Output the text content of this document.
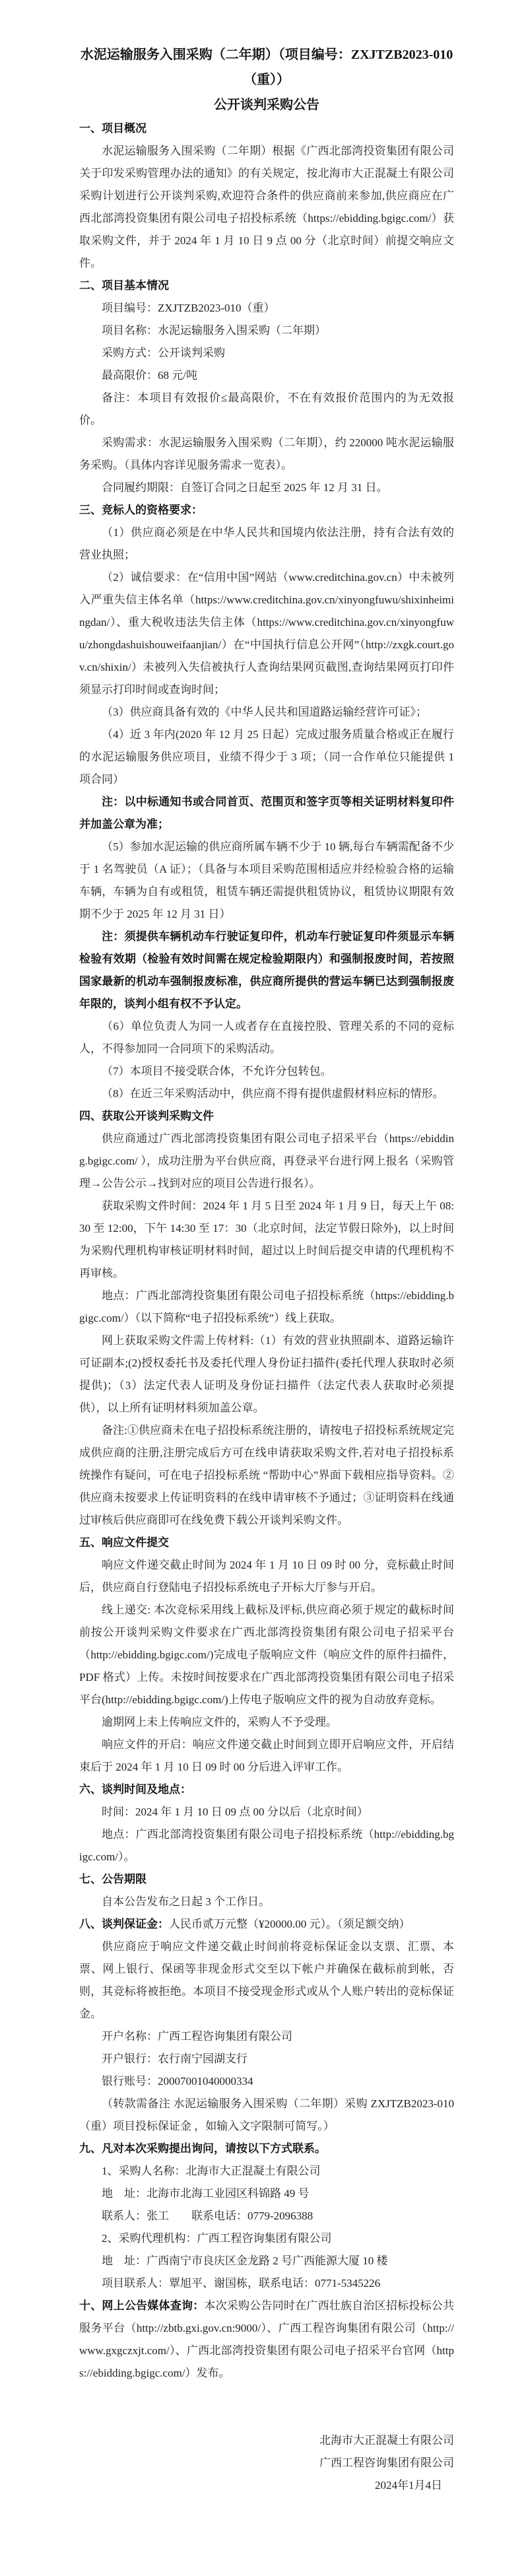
水泥运输服务入围采购（二年期）（项目编号：ZXJTZB2023-010（重））
公开谈判采购公告
一、项目概况
水泥运输服务入围采购（二年期）根据《广西北部湾投资集团有限公司关于印发采购管理办法的通知》的有关规定，按北海市大正混凝土有限公司采购计划进行公开谈判采购,欢迎符合条件的供应商前来参加,供应商应在广西北部湾投资集团有限公司电子招投标系统（https://ebidding.bgigc.com/）获取采购文件，并于 2024 年 1 月 10 日 9 点 00 分（北京时间）前提交响应文件。
二、项目基本情况
项目编号：ZXJTZB2023-010（重）
项目名称：水泥运输服务入围采购（二年期）
采购方式：公开谈判采购
最高限价：68 元/吨
备注：本项目有效报价≤最高限价，不在有效报价范围内的为无效报价。
采购需求：水泥运输服务入围采购（二年期），约 220000 吨水泥运输服务采购。（具体内容详见服务需求一览表）。
合同履约期限：自签订合同之日起至 2025 年 12 月 31 日。
三、竞标人的资格要求：
（1）供应商必须是在中华人民共和国境内依法注册，持有合法有效的营业执照；
（2）诚信要求：在“信用中国”网站（www.creditchina.gov.cn）中未被列入严重失信主体名单（https://www.creditchina.gov.cn/xinyongfuwu/shixinheimingdan/）、重大税收违法失信主体（https://www.creditchina.gov.cn/xinyongfuwu/zhongdashuishouweifaanjian/）在“中国执行信息公开网”（http://zxgk.court.gov.cn/shixin/）未被列入失信被执行人查询结果网页截图,查询结果网页打印件须显示打印时间或查询时间；
（3）供应商具备有效的《中华人民共和国道路运输经营许可证》；
（4）近 3 年内(2020 年 12 月 25 日起）完成过服务质量合格或正在履行的水泥运输服务供应项目，业绩不得少于 3 项；（同一合作单位只能提供 1 项合同）
注：以中标通知书或合同首页、范围页和签字页等相关证明材料复印件并加盖公章为准；
（5）参加水泥运输的供应商所属车辆不少于 10 辆,每台车辆需配备不少于 1 名驾驶员（A 证）；（具备与本项目采购范围相适应并经检验合格的运输车辆，车辆为自有或租赁，租赁车辆还需提供租赁协议，租赁协议期限有效期不少于 2025 年 12 月 31 日）
注：须提供车辆机动车行驶证复印件，机动车行驶证复印件须显示车辆检验有效期（检验有效时间需在规定检验期限内）和强制报废时间，若按照国家最新的机动车强制报废标准，供应商所提供的营运车辆已达到强制报废年限的，谈判小组有权不予认定。
（6）单位负责人为同一人或者存在直接控股、管理关系的不同的竞标人，不得参加同一合同项下的采购活动。
（7）本项目不接受联合体，不允许分包转包。
（8）在近三年采购活动中，供应商不得有提供虚假材料应标的情形。
四、获取公开谈判采购文件
供应商通过广西北部湾投资集团有限公司电子招采平台（https://ebidding.bgigc.com/ ），成功注册为平台供应商，再登录平台进行网上报名（采购管理→公告公示→找到对应的项目公告进行报名）。
获取采购文件时间：2024 年 1 月 5 日至 2024 年 1 月 9 日，每天上午 08:30 至 12:00，下午 14:30 至 17：30（北京时间，法定节假日除外)，以上时间为采购代理机构审核证明材料时间，超过以上时间后提交申请的代理机构不再审核。
地点：广西北部湾投资集团有限公司电子招投标系统（https://ebidding.bgigc.com/）（以下简称“电子招投标系统”）线上获取。
网上获取采购文件需上传材料:（1）有效的营业执照副本、道路运输许可证副本;(2)授权委托书及委托代理人身份证扫描件(委托代理人获取时必须提供)；（3）法定代表人证明及身份证扫描件（法定代表人获取时必须提供），以上所有证明材料须加盖公章。
备注:①供应商未在电子招投标系统注册的，请按电子招投标系统规定完成供应商的注册,注册完成后方可在线申请获取采购文件,若对电子招投标系统操作有疑问，可在电子招投标系统 “帮助中心”界面下载相应指导资料。②供应商未按要求上传证明资料的在线申请审核不予通过；③证明资料在线通过审核后供应商即可在线免费下载公开谈判采购文件。
五、响应文件提交
响应文件递交截止时间为 2024 年 1 月 10 日 09 时 00 分，竞标截止时间后，供应商自行登陆电子招投标系统电子开标大厅参与开启。
线上递交: 本次竞标采用线上截标及评标,供应商必须于规定的截标时间前按公开谈判采购文件要求在广西北部湾投资集团有限公司电子招采平台（http://ebidding.bgigc.com/)完成电子版响应文件（响应文件的原件扫描件，PDF 格式）上传。未按时间按要求在广西北部湾投资集团有限公司电子招采平台(http://ebidding.bgigc.com/)上传电子版响应文件的视为自动放弃竞标。
逾期网上未上传响应文件的，采购人不予受理。
响应文件的开启：响应文件递交截止时间到立即开启响应文件，开启结束后于 2024 年 1 月 10 日 09 时 00 分后进入评审工作。
六、谈判时间及地点：
时间：2024 年 1 月 10 日 09 点 00 分以后（北京时间）
地点：广西北部湾投资集团有限公司电子招投标系统（http://ebidding.bgigc.com/）。
七、公告期限
自本公告发布之日起 3 个工作日。
八、谈判保证金：人民币贰万元整（¥20000.00 元）。（须足额交纳）
供应商应于响应文件递交截止时间前将竞标保证金以支票、汇票、本票、网上银行、保函等非现金形式交至以下帐户并确保在截标前到帐，否则，其竞标将被拒绝。本项目不接受现金形式或从个人账户转出的竞标保证金。
开户名称：广西工程咨询集团有限公司
开户银行：农行南宁园湖支行
银行账号：20007001040000334
（转款需备注 水泥运输服务入围采购（二年期）采购 ZXJTZB2023-010（重）项目投标保证金 ，如输入文字限制可简写。）
九、凡对本次采购提出询问，请按以下方式联系。
1、采购人名称：北海市大正混凝土有限公司
地　址：北海市北海工业园区科锦路 49 号
联系人：张工　　联系电话：0779-2096388
2、采购代理机构：广西工程咨询集团有限公司
地　址：广西南宁市良庆区金龙路 2 号广西能源大厦 10 楼
项目联系人：覃旭平、谢国栋，联系电话：0771-5345226
十、网上公告媒体查询：本次采购公告同时在广西壮族自治区招标投标公共服务平台（http://zbtb.gxi.gov.cn:9000/）、广西工程咨询集团有限公司（http://www.gxgczxjt.com/）、广西北部湾投资集团有限公司电子招采平台官网（https://ebidding.bgigc.com/）发布。
北海市大正混凝土有限公司
广西工程咨询集团有限公司
2024年1月4日
